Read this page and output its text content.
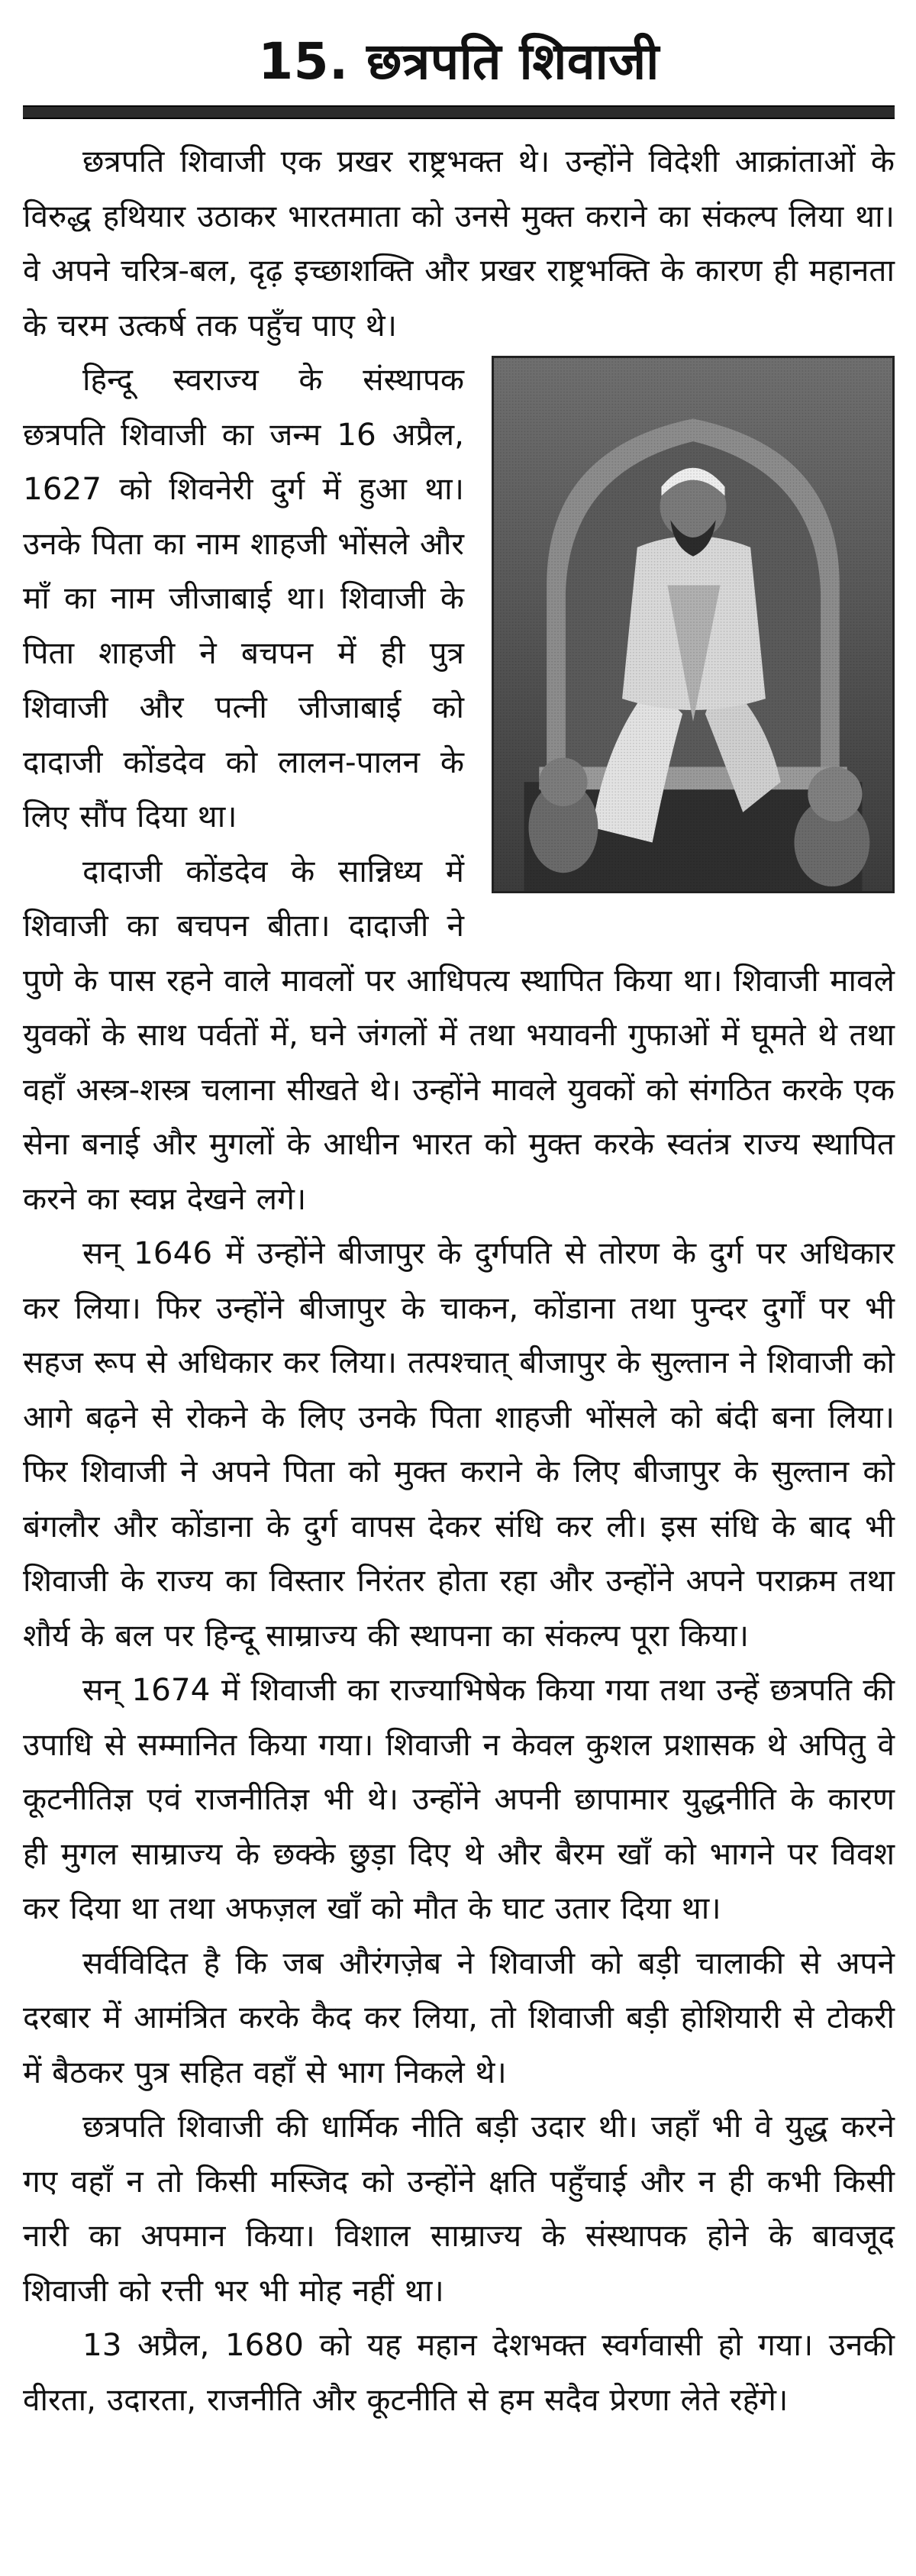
15. छत्रपति शिवाजी

छत्रपति शिवाजी एक प्रखर राष्ट्रभक्त थे। उन्होंने विदेशी आक्रांताओं के विरुद्ध हथियार उठाकर भारतमाता को उनसे मुक्त कराने का संकल्प लिया था। वे अपने चरित्र-बल, दृढ़ इच्छाशक्ति और प्रखर राष्ट्रभक्ति के कारण ही महानता के चरम उत्कर्ष तक पहुँच पाए थे।

हिन्दू स्वराज्य के संस्थापक छत्रपति शिवाजी का जन्म 16 अप्रैल, 1627 को शिवनेरी दुर्ग में हुआ था। उनके पिता का नाम शाहजी भोंसले और माँ का नाम जीजाबाई था। शिवाजी के पिता शाहजी ने बचपन में ही पुत्र शिवाजी और पत्नी जीजाबाई को दादाजी कोंडदेव को लालन-पालन के लिए सौंप दिया था।

दादाजी कोंडदेव के सान्निध्य में शिवाजी का बचपन बीता। दादाजी ने पुणे के पास रहने वाले मावलों पर आधिपत्य स्थापित किया था। शिवाजी मावले युवकों के साथ पर्वतों में, घने जंगलों में तथा भयावनी गुफाओं में घूमते थे तथा वहाँ अस्त्र-शस्त्र चलाना सीखते थे। उन्होंने मावले युवकों को संगठित करके एक सेना बनाई और मुगलों के आधीन भारत को मुक्त करके स्वतंत्र राज्य स्थापित करने का स्वप्न देखने लगे।

सन् 1646 में उन्होंने बीजापुर के दुर्गपति से तोरण के दुर्ग पर अधिकार कर लिया। फिर उन्होंने बीजापुर के चाकन, कोंडाना तथा पुन्दर दुर्गों पर भी सहज रूप से अधिकार कर लिया। तत्पश्चात् बीजापुर के सुल्तान ने शिवाजी को आगे बढ़ने से रोकने के लिए उनके पिता शाहजी भोंसले को बंदी बना लिया। फिर शिवाजी ने अपने पिता को मुक्त कराने के लिए बीजापुर के सुल्तान को बंगलौर और कोंडाना के दुर्ग वापस देकर संधि कर ली। इस संधि के बाद भी शिवाजी के राज्य का विस्तार निरंतर होता रहा और उन्होंने अपने पराक्रम तथा शौर्य के बल पर हिन्दू साम्राज्य की स्थापना का संकल्प पूरा किया।

सन् 1674 में शिवाजी का राज्याभिषेक किया गया तथा उन्हें छत्रपति की उपाधि से सम्मानित किया गया। शिवाजी न केवल कुशल प्रशासक थे अपितु वे कूटनीतिज्ञ एवं राजनीतिज्ञ भी थे। उन्होंने अपनी छापामार युद्धनीति के कारण ही मुगल साम्राज्य के छक्के छुड़ा दिए थे और बैरम खाँ को भागने पर विवश कर दिया था तथा अफज़ल खाँ को मौत के घाट उतार दिया था।

सर्वविदित है कि जब औरंगज़ेब ने शिवाजी को बड़ी चालाकी से अपने दरबार में आमंत्रित करके कैद कर लिया, तो शिवाजी बड़ी होशियारी से टोकरी में बैठकर पुत्र सहित वहाँ से भाग निकले थे।

छत्रपति शिवाजी की धार्मिक नीति बड़ी उदार थी। जहाँ भी वे युद्ध करने गए वहाँ न तो किसी मस्जिद को उन्होंने क्षति पहुँचाई और न ही कभी किसी नारी का अपमान किया। विशाल साम्राज्य के संस्थापक होने के बावजूद शिवाजी को रत्ती भर भी मोह नहीं था।

13 अप्रैल, 1680 को यह महान देशभक्त स्वर्गवासी हो गया। उनकी वीरता, उदारता, राजनीति और कूटनीति से हम सदैव प्रेरणा लेते रहेंगे।
